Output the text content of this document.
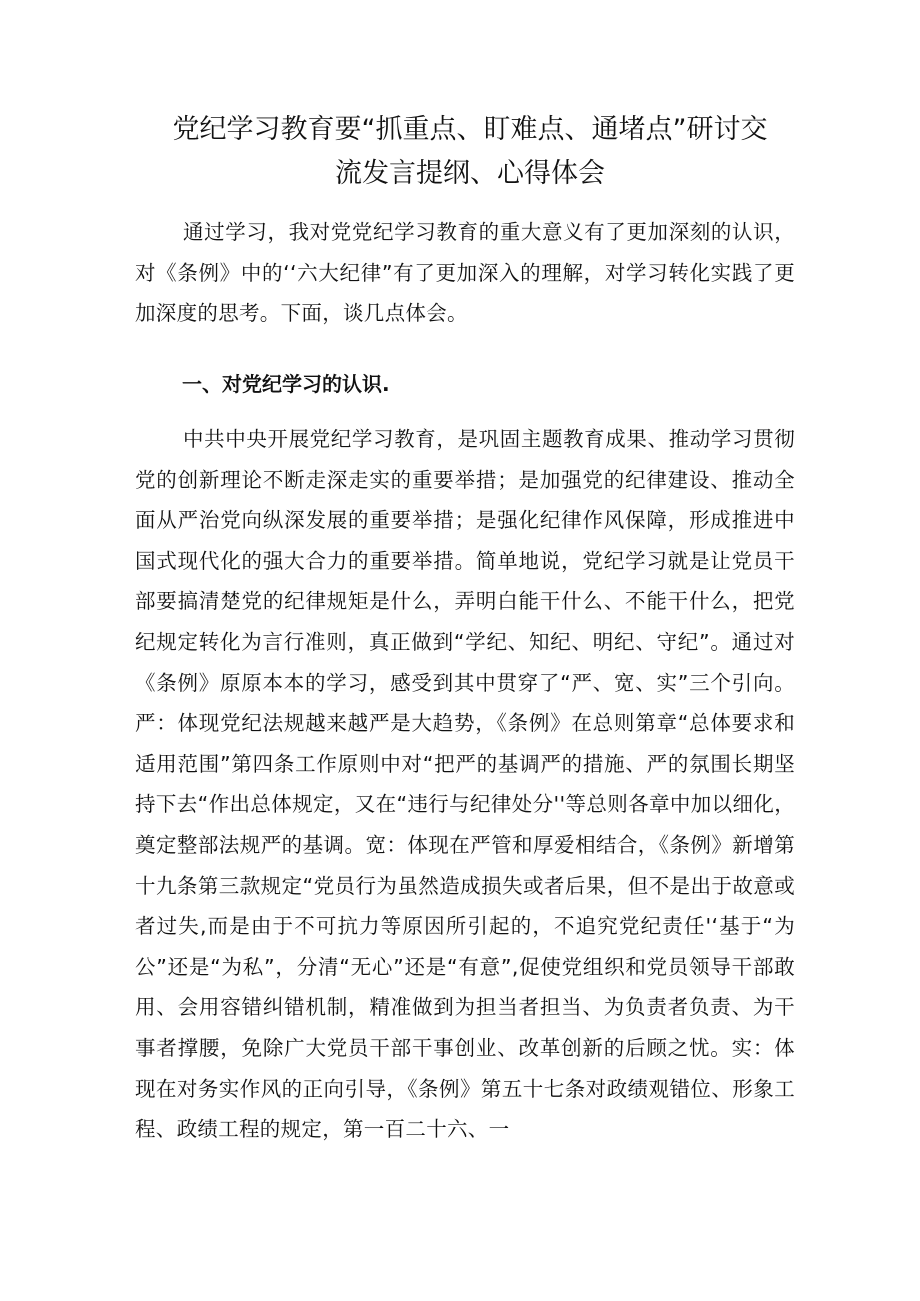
党纪学习教育要“抓重点、盯难点、通堵点”研讨交
流发言提纲、心得体会
通过学习，我对党党纪学习教育的重大意义有了更加深刻的认识，对《条例》中的‘‘六大纪律”有了更加深入的理解，对学习转化实践了更加深度的思考。下面，谈几点体会。
一、对党纪学习的认识.
中共中央开展党纪学习教育，是巩固主题教育成果、推动学习贯彻党的创新理论不断走深走实的重要举措；是加强党的纪律建设、推动全面从严治党向纵深发展的重要举措；是强化纪律作风保障，形成推进中国式现代化的强大合力的重要举措。简单地说，党纪学习就是让党员干部要搞清楚党的纪律规矩是什么，弄明白能干什么、不能干什么，把党纪规定转化为言行准则，真正做到“学纪、知纪、明纪、守纪”。通过对《条例》原原本本的学习，感受到其中贯穿了“严、宽、实”三个引向。严：体现党纪法规越来越严是大趋势，《条例》在总则第章“总体要求和适用范围”第四条工作原则中对“把严的基调严的措施、严的氛围长期坚持下去“作出总体规定，又在“违行与纪律处分''等总则各章中加以细化，奠定整部法规严的基调。宽：体现在严管和厚爱相结合，《条例》新增第十九条第三款规定“党员行为虽然造成损失或者后果，但不是出于故意或者过失,而是由于不可抗力等原因所引起的，不追究党纪责任'‘基于“为公”还是“为私”，分清“无心”还是“有意”,促使党组织和党员领导干部敢用、会用容错纠错机制，精准做到为担当者担当、为负责者负责、为干事者撑腰，免除广大党员干部干事创业、改革创新的后顾之忧。实：体现在对务实作风的正向引导，《条例》第五十七条对政绩观错位、形象工程、政绩工程的规定，第一百二十六、一
